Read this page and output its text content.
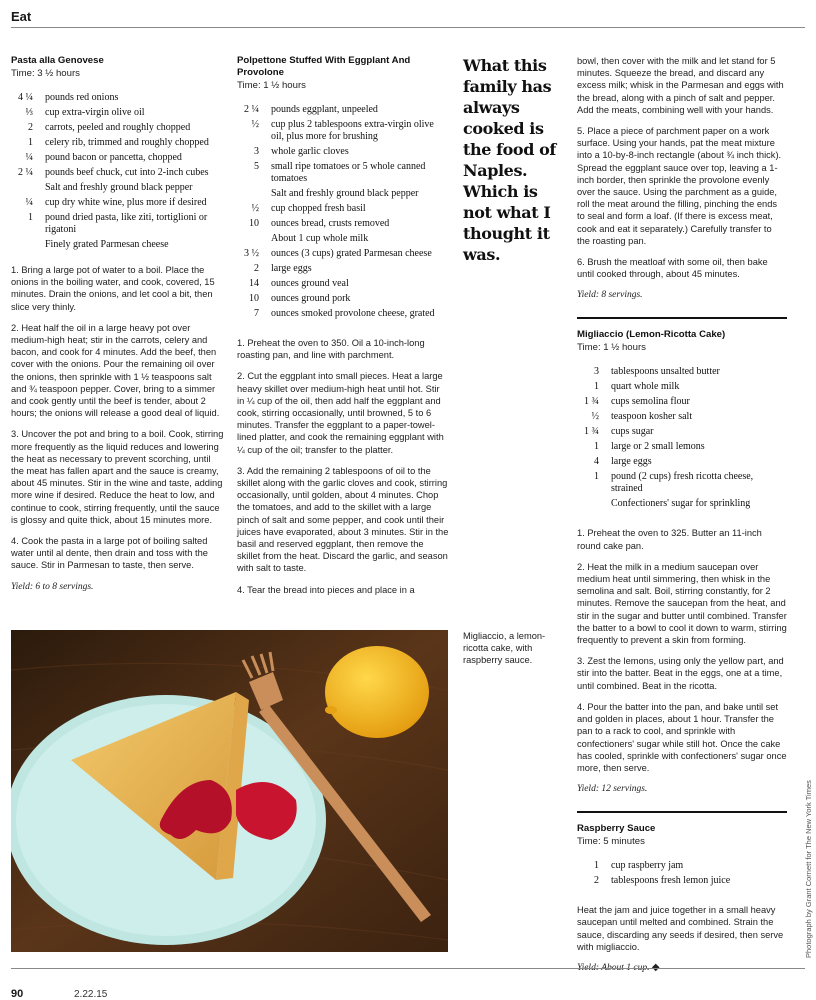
Eat
Pasta alla Genovese
Time: 3 ½ hours
4 ¼	pounds red onions
⅓	cup extra-virgin olive oil
2	carrots, peeled and roughly chopped
1	celery rib, trimmed and roughly chopped
¼	pound bacon or pancetta, chopped
2 ¼	pounds beef chuck, cut into 2-inch cubes
Salt and freshly ground black pepper
¼	cup dry white wine, plus more if desired
1	pound dried pasta, like ziti, tortiglioni or rigatoni
Finely grated Parmesan cheese

1. Bring a large pot of water to a boil. Place the onions in the boiling water, and cook, covered, 15 minutes. Drain the onions, and let cool a bit, then slice very thinly.

2. Heat half the oil in a large heavy pot over medium-high heat; stir in the carrots, celery and bacon, and cook for 4 minutes. Add the beef, then cover with the onions. Pour the remaining oil over the onions, then sprinkle with 1 ½ teaspoons salt and ¾ teaspoon pepper. Cover, bring to a simmer and cook gently until the beef is tender, about 2 hours; the onions will release a good deal of liquid.

3. Uncover the pot and bring to a boil. Cook, stirring more frequently as the liquid reduces and lowering the heat as necessary to prevent scorching, until the meat has fallen apart and the sauce is creamy, about 45 minutes. Stir in the wine and taste, adding more wine if desired. Reduce the heat to low, and continue to cook, stirring frequently, until the sauce is glossy and quite thick, about 15 minutes more.

4. Cook the pasta in a large pot of boiling salted water until al dente, then drain and toss with the sauce. Stir in Parmesan to taste, then serve.

Yield: 6 to 8 servings.
Polpettone Stuffed With Eggplant And Provolone
Time: 1 ½ hours
2 ¼	pounds eggplant, unpeeled
½	cup plus 2 tablespoons extra-virgin olive oil, plus more for brushing
3	whole garlic cloves
5	small ripe tomatoes or 5 whole canned tomatoes
Salt and freshly ground black pepper
½	cup chopped fresh basil
10	ounces bread, crusts removed
About 1 cup whole milk
3 ½	ounces (3 cups) grated Parmesan cheese
2	large eggs
14	ounces ground veal
10	ounces ground pork
7	ounces smoked provolone cheese, grated

1. Preheat the oven to 350. Oil a 10-inch-long roasting pan, and line with parchment.

2. Cut the eggplant into small pieces. Heat a large heavy skillet over medium-high heat until hot. Stir in ¼ cup of the oil, then add half the eggplant and cook, stirring occasionally, until browned, 5 to 6 minutes. Transfer the eggplant to a paper-towel-lined platter, and cook the remaining eggplant with ¼ cup of the oil; transfer to the platter.

3. Add the remaining 2 tablespoons of oil to the skillet along with the garlic cloves and cook, stirring occasionally, until golden, about 4 minutes. Chop the tomatoes, and add to the skillet with a large pinch of salt and some pepper, and cook until their juices have evaporated, about 3 minutes. Stir in the basil and reserved eggplant, then remove the skillet from the heat. Discard the garlic, and season with salt to taste.

4. Tear the bread into pieces and place in a

What this family has always cooked is the food of Naples. Which is not what I thought it was.

bowl, then cover with the milk and let stand for 5 minutes. Squeeze the bread, and discard any excess milk; whisk in the Parmesan and eggs with the bread, along with a pinch of salt and pepper. Add the meats, combining well with your hands.

5. Place a piece of parchment paper on a work surface. Using your hands, pat the meat mixture into a 10-by-8-inch rectangle (about ¾ inch thick). Spread the eggplant sauce over top, leaving a 1-inch border, then sprinkle the provolone evenly over the sauce. Using the parchment as a guide, roll the meat around the filling, pinching the ends to seal and form a loaf. (If there is excess meat, cook and eat it separately.) Carefully transfer to the roasting pan.

6. Brush the meatloaf with some oil, then bake until cooked through, about 45 minutes.

Yield: 8 servings.
Migliaccio (Lemon-Ricotta Cake)
Time: 1 ½ hours
3	tablespoons unsalted butter
1	quart whole milk
1 ¾	cups semolina flour
½	teaspoon kosher salt
1 ¾	cups sugar
1	large or 2 small lemons
4	large eggs
1	pound (2 cups) fresh ricotta cheese, strained
Confectioners' sugar for sprinkling

1. Preheat the oven to 325. Butter an 11-inch round cake pan.

2. Heat the milk in a medium saucepan over medium heat until simmering, then whisk in the semolina and salt. Boil, stirring constantly, for 2 minutes. Remove the saucepan from the heat, and stir in the sugar and butter until combined. Transfer the batter to a bowl to cool it down to warm, stirring frequently to prevent a skin from forming.

3. Zest the lemons, using only the yellow part, and stir into the batter. Beat in the eggs, one at a time, until combined. Beat in the ricotta.

4. Pour the batter into the pan, and bake until set and golden in places, about 1 hour. Transfer the pan to a rack to cool, and sprinkle with confectioners' sugar while still hot. Once the cake has cooled, sprinkle with confectioners' sugar once more, then serve.

Yield: 12 servings.
Raspberry Sauce
Time: 5 minutes
1	cup raspberry jam
2	tablespoons fresh lemon juice

Heat the jam and juice together in a small heavy saucepan until melted and combined. Strain the sauce, discarding any seeds if desired, then serve with migliaccio.

Yield: About 1 cup. ◆
Migliaccio, a lemon-ricotta cake, with raspberry sauce.
Photograph by Grant Cornett for The New York Times
90	2.22.15
